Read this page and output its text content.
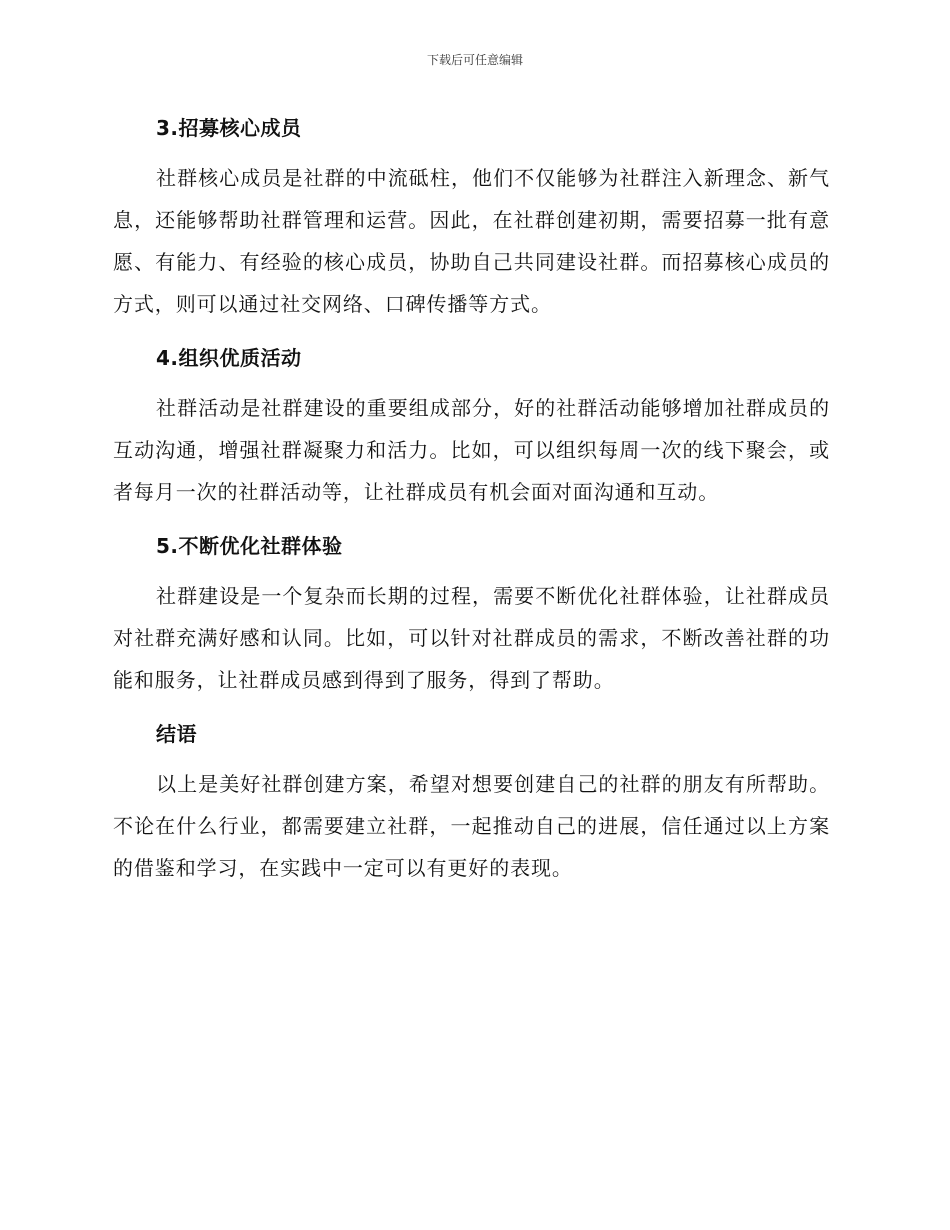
下载后可任意编辑
3.招募核心成员

社群核心成员是社群的中流砥柱，他们不仅能够为社群注入新理念、新气息，还能够帮助社群管理和运营。因此，在社群创建初期，需要招募一批有意愿、有能力、有经验的核心成员，协助自己共同建设社群。而招募核心成员的方式，则可以通过社交网络、口碑传播等方式。

4.组织优质活动

社群活动是社群建设的重要组成部分，好的社群活动能够增加社群成员的互动沟通，增强社群凝聚力和活力。比如，可以组织每周一次的线下聚会，或者每月一次的社群活动等，让社群成员有机会面对面沟通和互动。

5.不断优化社群体验

社群建设是一个复杂而长期的过程，需要不断优化社群体验，让社群成员对社群充满好感和认同。比如，可以针对社群成员的需求，不断改善社群的功能和服务，让社群成员感到得到了服务，得到了帮助。

结语

以上是美好社群创建方案，希望对想要创建自己的社群的朋友有所帮助。不论在什么行业，都需要建立社群，一起推动自己的进展，信任通过以上方案的借鉴和学习，在实践中一定可以有更好的表现。
